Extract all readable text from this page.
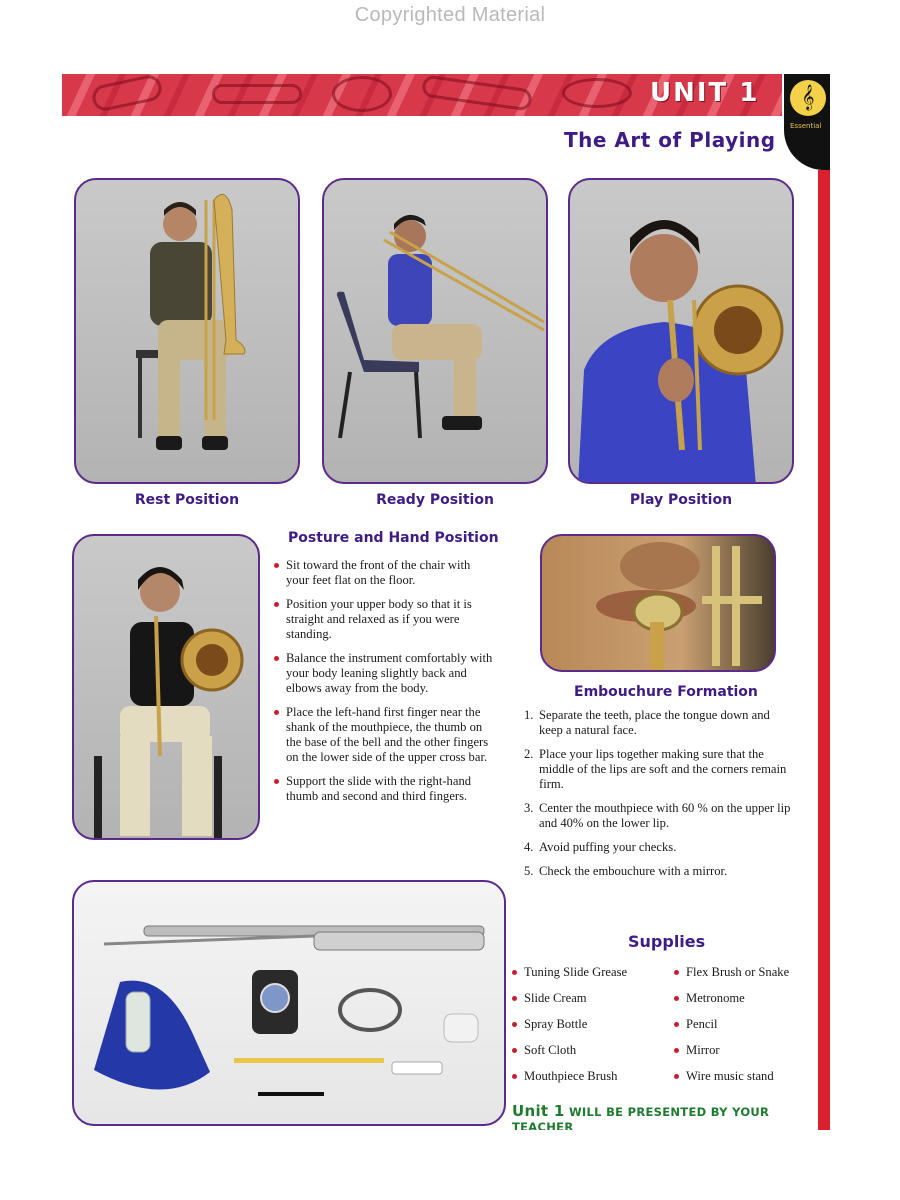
Copyrighted Material
UNIT 1	𝄞
Essential
The Art of Playing
Rest Position	Ready Position	Play Position
Posture and Hand Position
Sit toward the front of the chair with your feet flat on the floor.
Position your upper body so that it is straight and relaxed as if you were standing.
Balance the instrument comfortably with your body leaning slightly back and elbows away from the body.
Place the left-hand first finger near the shank of the mouthpiece, the thumb on the base of the bell and the other fingers on the lower side of the upper cross bar.
Support the slide with the right-hand thumb and second and third fingers.
Embouchure Formation
1. Separate the teeth, place the tongue down and keep a natural face.
2. Place your lips together making sure that the middle of the lips are soft and the corners remain firm.
3. Center the mouthpiece with 60 % on the upper lip and 40% on the lower lip.
4. Avoid puffing your checks.
5. Check the embouchure with a mirror.
Supplies
Tuning Slide Grease	Flex Brush or Snake
Slide Cream	Metronome
Spray Bottle	Pencil
Soft Cloth	Mirror
Mouthpiece Brush	Wire music stand
Unit 1 WILL BE PRESENTED BY YOUR TEACHER
